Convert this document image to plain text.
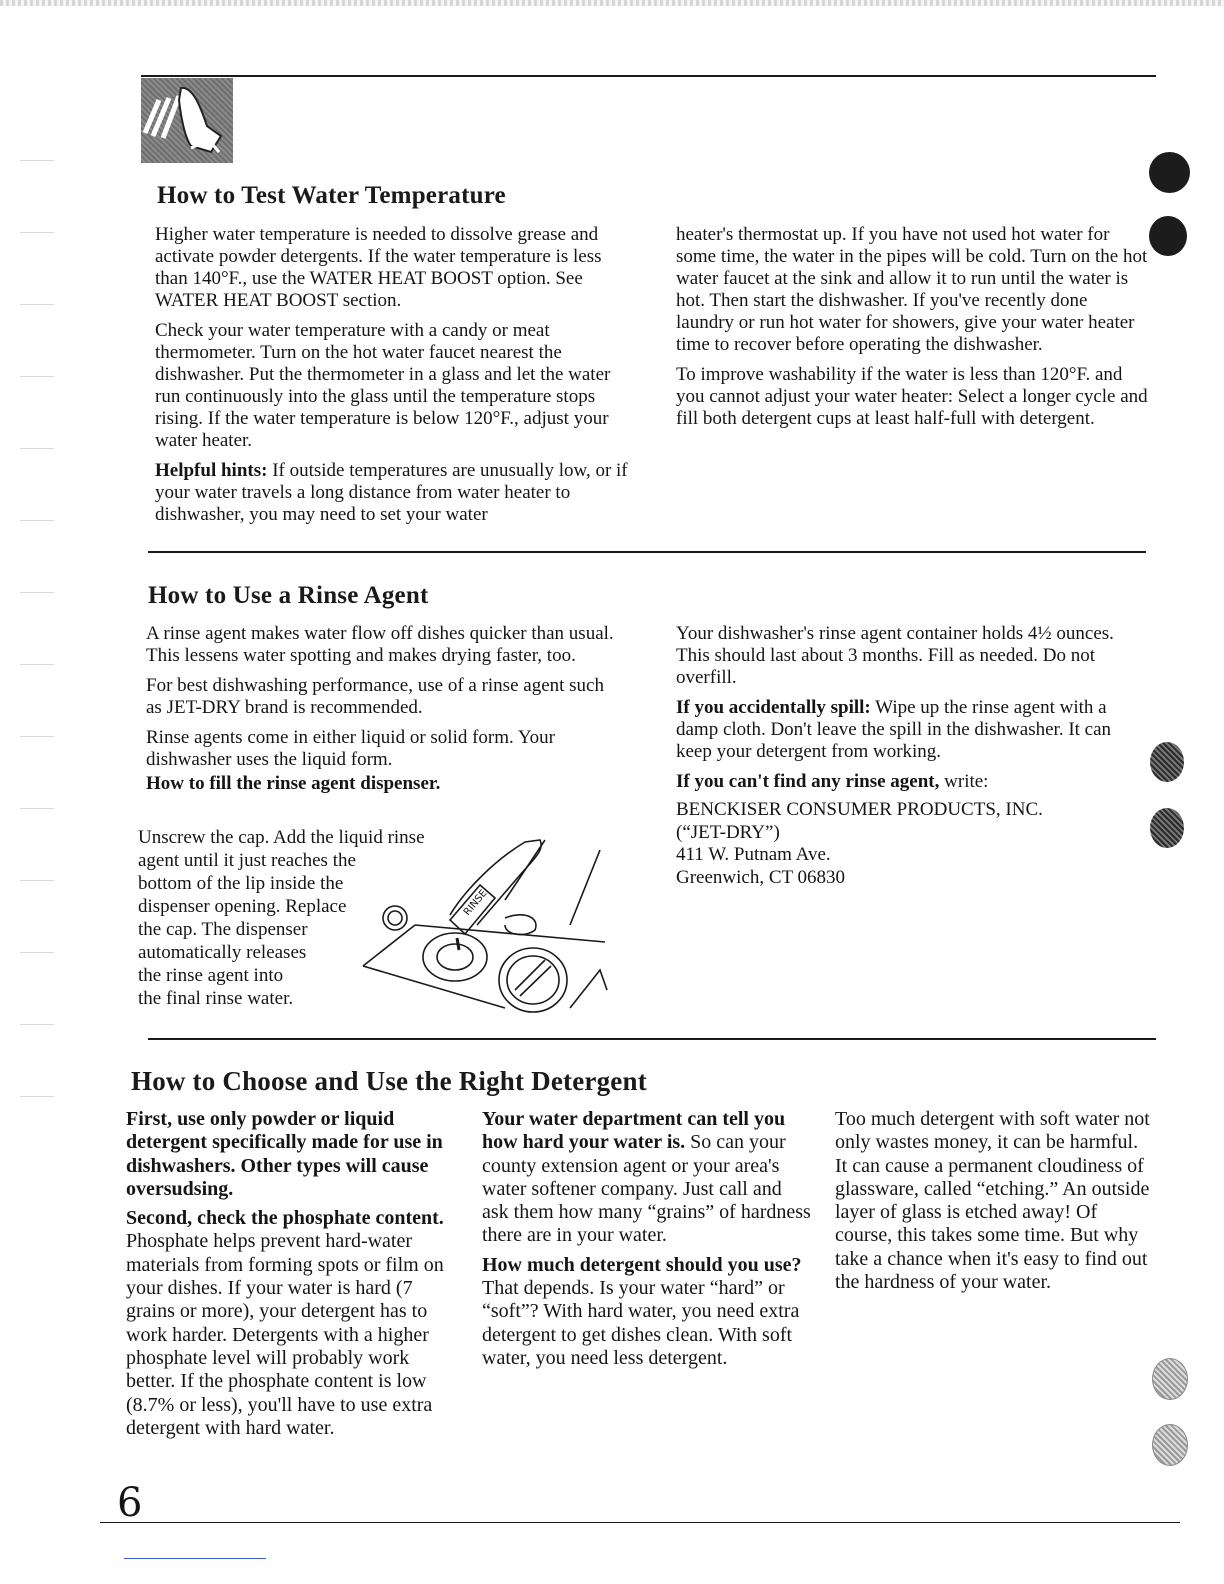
How to Test Water Temperature

Higher water temperature is needed to dissolve grease and activate powder detergents. If the water temperature is less than 140°F., use the WATER HEAT BOOST option. See WATER HEAT BOOST section.

Check your water temperature with a candy or meat thermometer. Turn on the hot water faucet nearest the dishwasher. Put the thermometer in a glass and let the water run continuously into the glass until the temperature stops rising. If the water temperature is below 120°F., adjust your water heater.

Helpful hints: If outside temperatures are unusually low, or if your water travels a long distance from water heater to dishwasher, you may need to set your water

heater's thermostat up. If you have not used hot water for some time, the water in the pipes will be cold. Turn on the hot water faucet at the sink and allow it to run until the water is hot. Then start the dishwasher. If you've recently done laundry or run hot water for showers, give your water heater time to recover before operating the dishwasher.

To improve washability if the water is less than 120°F. and you cannot adjust your water heater: Select a longer cycle and fill both detergent cups at least half-full with detergent.

How to Use a Rinse Agent

A rinse agent makes water flow off dishes quicker than usual. This lessens water spotting and makes drying faster, too.

For best dishwashing performance, use of a rinse agent such as JET-DRY brand is recommended.

Rinse agents come in either liquid or solid form. Your dishwasher uses the liquid form.

How to fill the rinse agent dispenser.
Unscrew the cap. Add the liquid rinse
agent until it just reaches the
bottom of the lip inside the
dispenser opening. Replace
the cap. The dispenser
automatically releases
the rinse agent into
the final rinse water.
RINSE

Your dishwasher's rinse agent container holds 4½ ounces. This should last about 3 months. Fill as needed. Do not overfill.

If you accidentally spill: Wipe up the rinse agent with a damp cloth. Don't leave the spill in the dishwasher. It can keep your detergent from working.

If you can't find any rinse agent, write:

BENCKISER CONSUMER PRODUCTS, INC.
(“JET-DRY”)
411 W. Putnam Ave.
Greenwich, CT 06830
How to Choose and Use the Right Detergent

First, use only powder or liquid detergent specifically made for use in dishwashers. Other types will cause oversudsing.

Second, check the phosphate content. Phosphate helps prevent hard-water materials from forming spots or film on your dishes. If your water is hard (7 grains or more), your detergent has to work harder. Detergents with a higher phosphate level will probably work better. If the phosphate content is low (8.7% or less), you'll have to use extra detergent with hard water.

Your water department can tell you how hard your water is. So can your county extension agent or your area's water softener company. Just call and ask them how many “grains” of hardness there are in your water.

How much detergent should you use? That depends. Is your water “hard” or “soft”? With hard water, you need extra detergent to get dishes clean. With soft water, you need less detergent.

Too much detergent with soft water not only wastes money, it can be harmful. It can cause a permanent cloudiness of glassware, called “etching.” An outside layer of glass is etched away! Of course, this takes some time. But why take a chance when it's easy to find out the hardness of your water.

6
